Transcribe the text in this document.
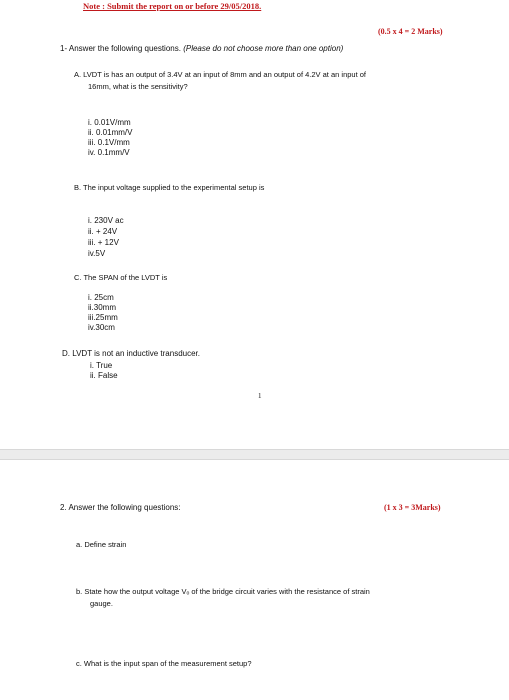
Note : Submit the report on or before 29/05/2018.
(0.5 x 4 = 2 Marks)
1- Answer the following questions. (Please do not choose more than one option)
A. LVDT is has an output of 3.4V at an input of 8mm and an output of 4.2V at an input of
16mm, what is the sensitivity?
i. 0.01V/mm
ii. 0.01mm/V
iii. 0.1V/mm
iv. 0.1mm/V
B. The input voltage supplied to the experimental setup is
i. 230V ac
ii. + 24V
iii. + 12V
iv.5V
C. The SPAN of the LVDT is
i. 25cm
ii.30mm
iii.25mm
iv.30cm
D. LVDT is not an inductive transducer.
i. True
ii. False
1
2. Answer the following questions:	(1 x 3 = 3Marks)
a. Define strain
b. State how the output voltage Vₒ of the bridge circuit varies with the resistance of strain
gauge.
c. What is the input span of the measurement setup?
